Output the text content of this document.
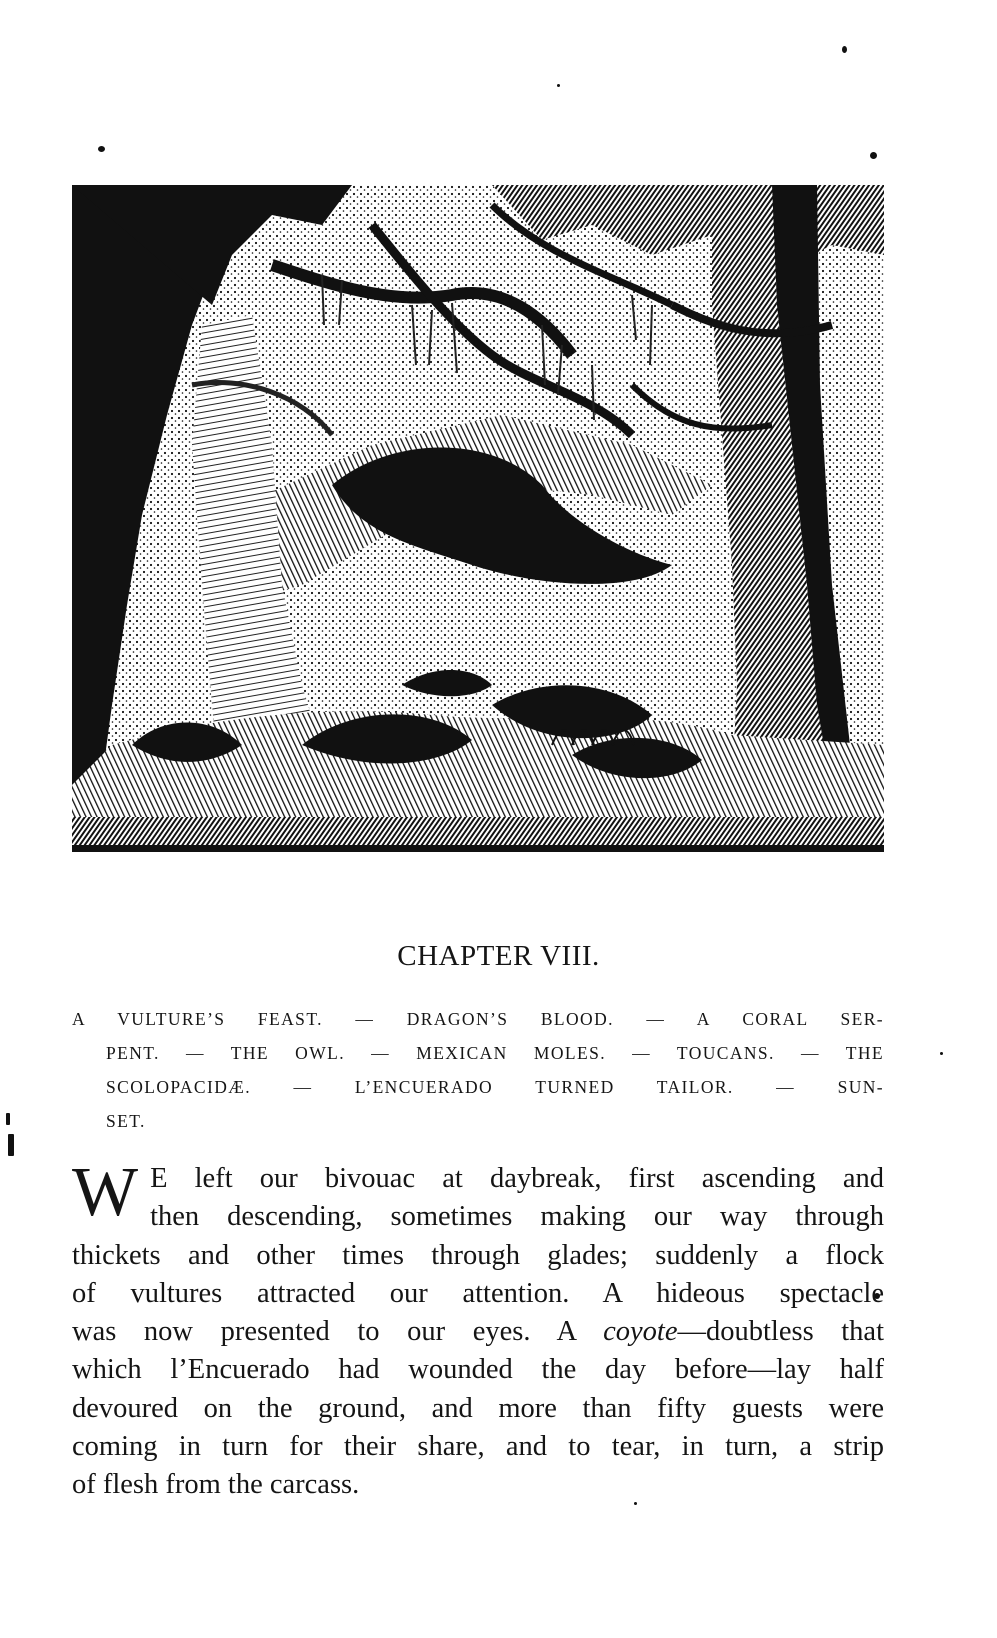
CHAPTER VIII.
A VULTURE’S FEAST. — DRAGON’S BLOOD. — A CORAL SER-
PENT. — THE OWL. — MEXICAN MOLES. — TOUCANS. — THE
SCOLOPACIDÆ. — L’ENCUERADO TURNED TAILOR. — SUN-
SET.
W E left our bivouac at daybreak, first ascending and
then descending, sometimes making our way through
thickets and other times through glades; suddenly a flock
of vultures attracted our attention. A hideous spectacle
was now presented to our eyes. A coyote—doubtless that
which l’Encuerado had wounded the day before—lay half
devoured on the ground, and more than fifty guests were
coming in turn for their share, and to tear, in turn, a strip
of flesh from the carcass.
